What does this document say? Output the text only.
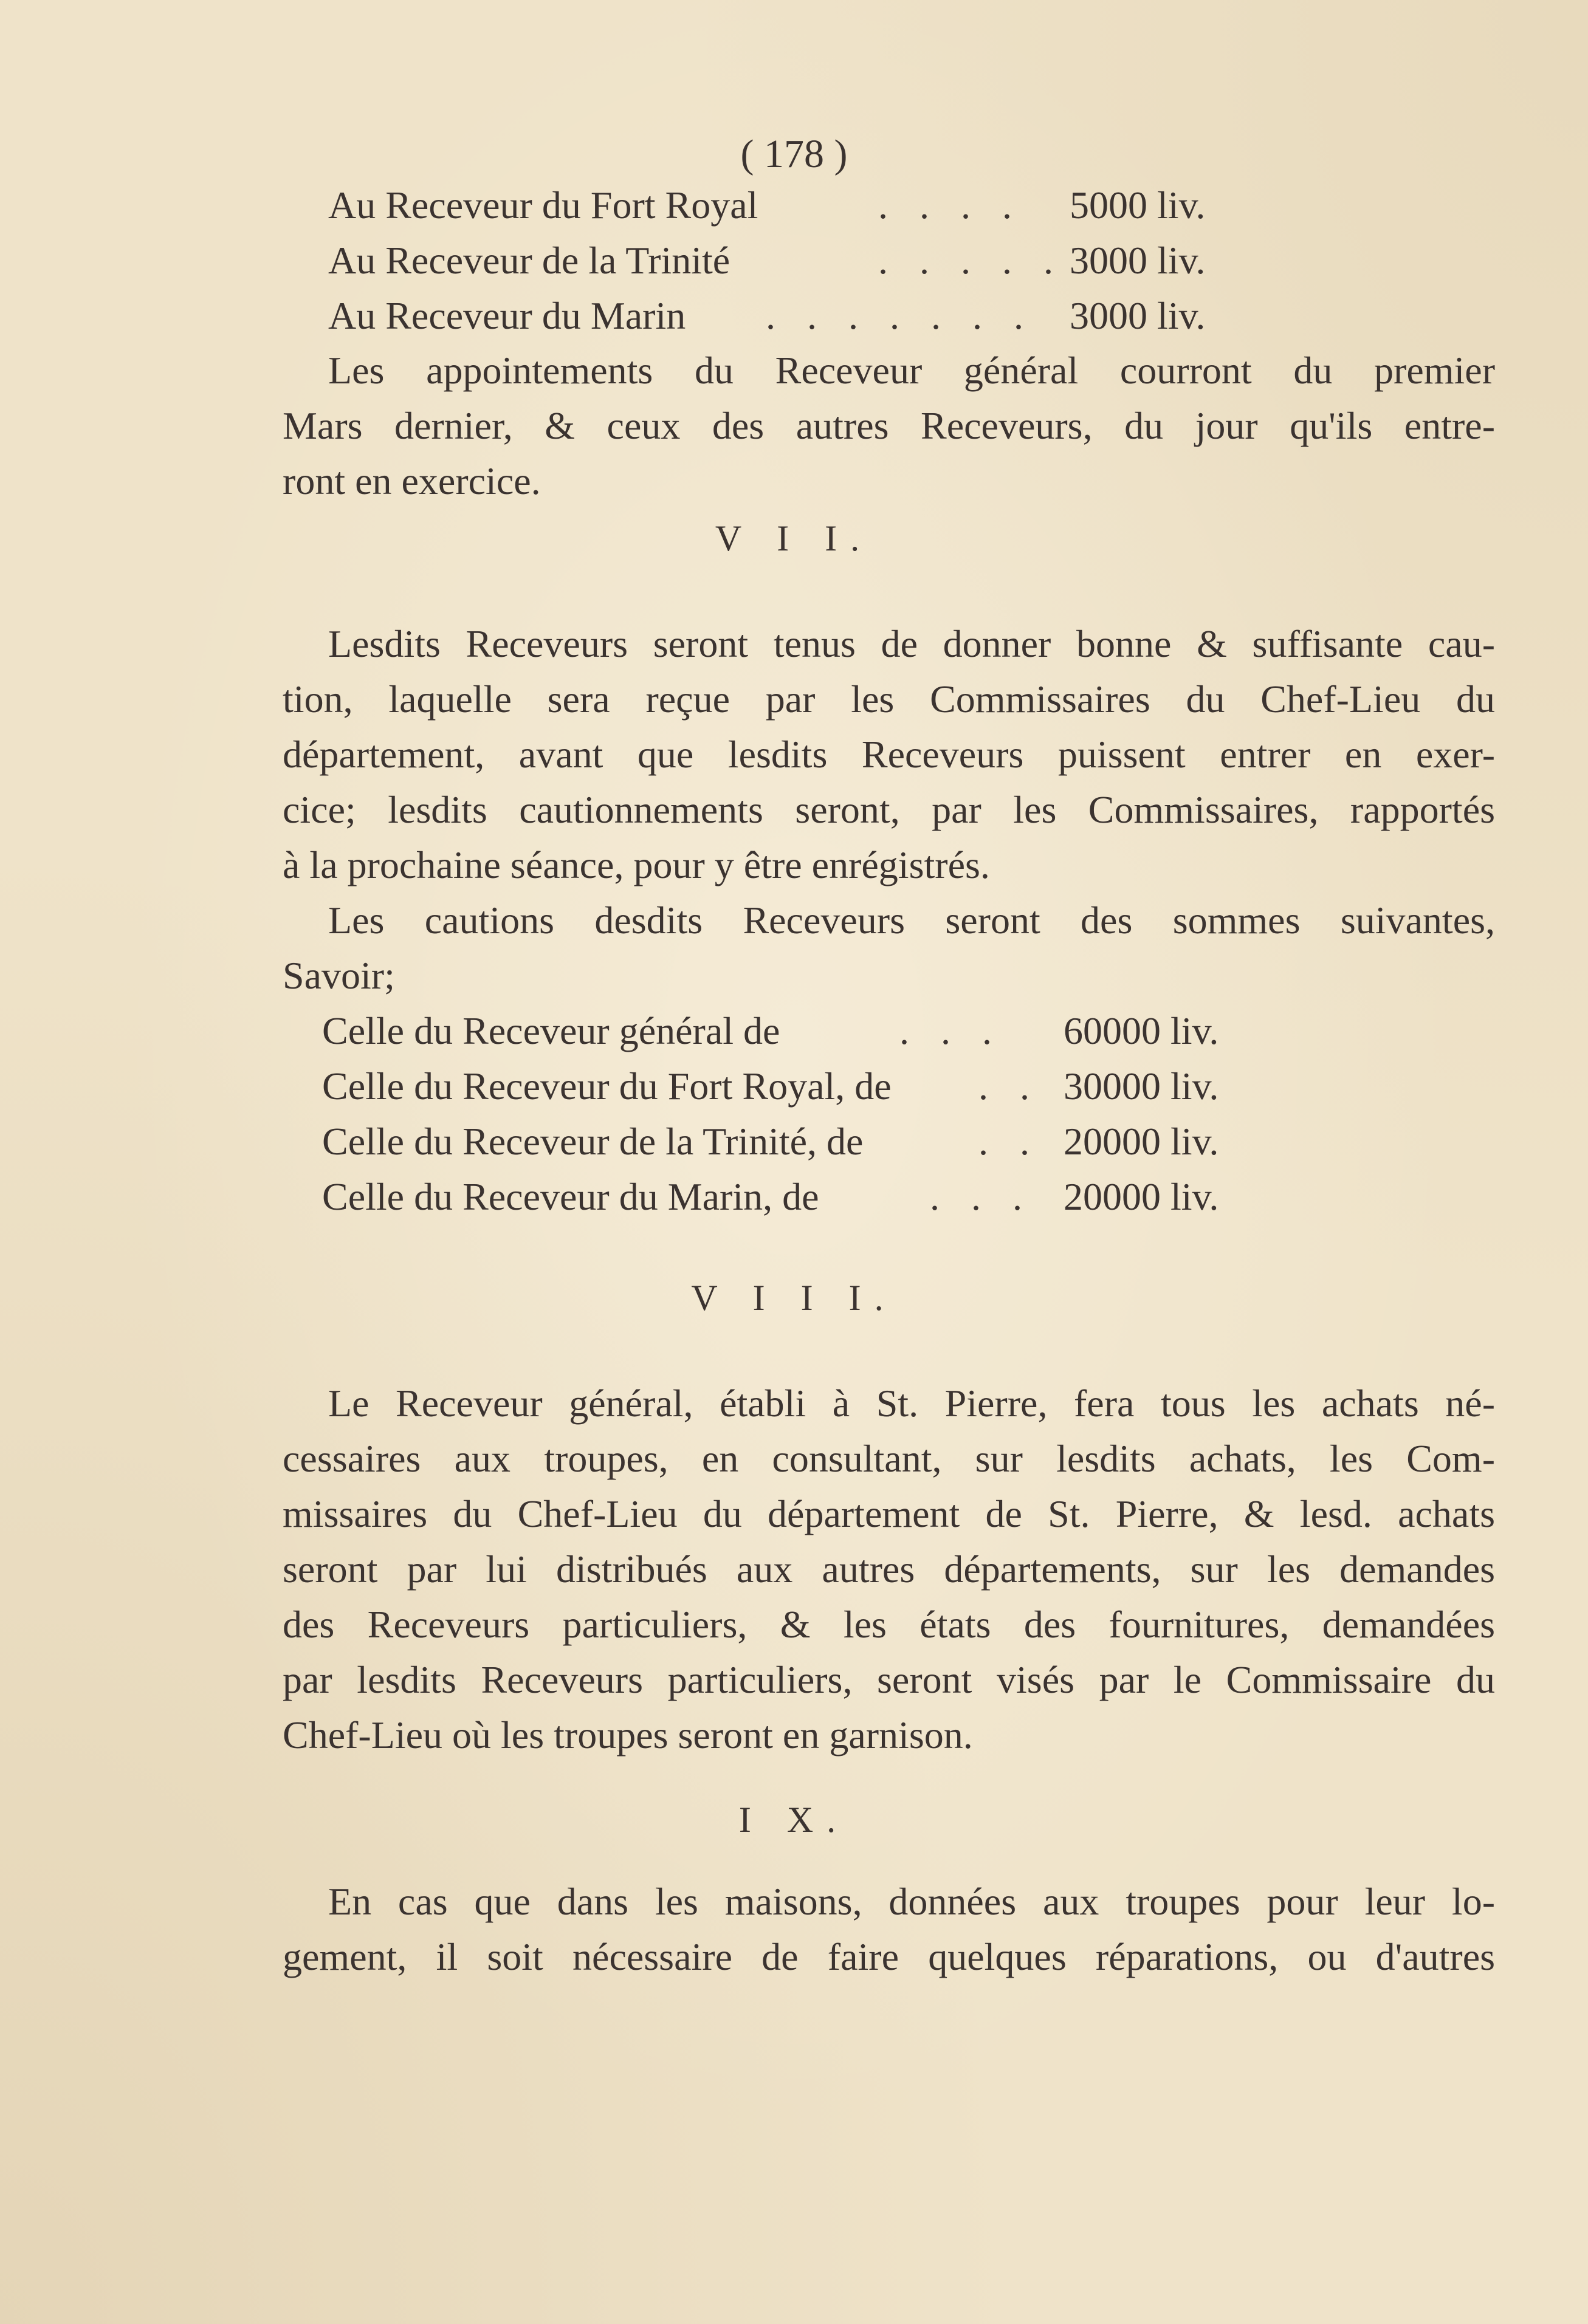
( 178 )
Au Receveur du Fort Royal	. . . . 5000 liv.
Au Receveur de la Trinité	. . . . . 3000 liv.
Au Receveur du Marin . . . . . . . 3000 liv.
Les appointements du Receveur général courront du premier
Mars dernier, & ceux des autres Receveurs, du jour qu'ils entre-
ront en exercice.
V I I.
Lesdits Receveurs seront tenus de donner bonne & suffisante cau-
tion, laquelle sera reçue par les Commissaires du Chef-Lieu du
département, avant que lesdits Receveurs puissent entrer en exer-
cice; lesdits cautionnements seront, par les Commissaires, rapportés
à la prochaine séance, pour y être enrégistrés.
Les cautions desdits Receveurs seront des sommes suivantes,
Savoir;
Celle du Receveur général de	. . . 60000 liv.
Celle du Receveur du Fort Royal, de . . 30000 liv.
Celle du Receveur de la Trinité, de	. . 20000 liv.
Celle du Receveur du Marin, de	. . . 20000 liv.
V I I I.
Le Receveur général, établi à St. Pierre, fera tous les achats né-
cessaires aux troupes, en consultant, sur lesdits achats, les Com-
missaires du Chef-Lieu du département de St. Pierre, & lesd. achats
seront par lui distribués aux autres départements, sur les demandes
des Receveurs particuliers, & les états des fournitures, demandées
par lesdits Receveurs particuliers, seront visés par le Commissaire du
Chef-Lieu où les troupes seront en garnison.
I X.
En cas que dans les maisons, données aux troupes pour leur lo-
gement, il soit nécessaire de faire quelques réparations, ou d'autres
